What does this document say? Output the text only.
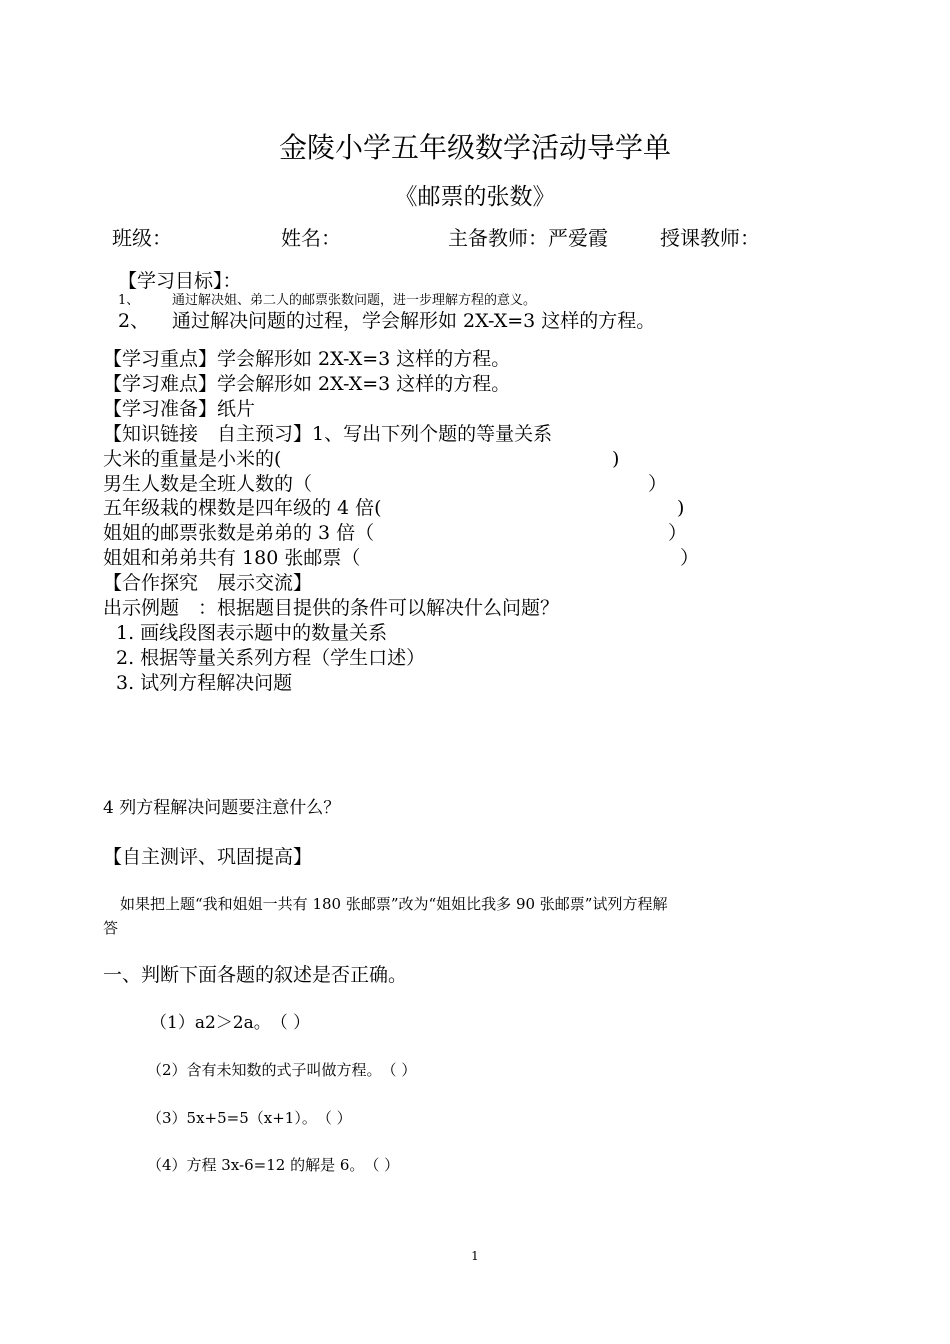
金陵小学五年级数学活动导学单
《邮票的张数》
班级：	姓名：	主备教师：严爱霞	授课教师：
【学习目标】：
1、	通过解决姐、弟二人的邮票张数问题，进一步理解方程的意义。
2、 通过解决问题的过程，学会解形如 2X-X=3 这样的方程。
【学习重点】学会解形如 2X-X=3 这样的方程。
【学习难点】学会解形如 2X-X=3 这样的方程。
【学习准备】纸片
【知识链接　自主预习】1、写出下列个题的等量关系
大米的重量是小米的(	)
男生人数是全班人数的（	）
五年级栽的棵数是四年级的 4 倍(	)
姐姐的邮票张数是弟弟的 3 倍（	）
姐姐和弟弟共有 180 张邮票（	）
【合作探究　展示交流】
出示例题　：根据题目提供的条件可以解决什么问题？
1. 画线段图表示题中的数量关系
2. 根据等量关系列方程（学生口述）
3. 试列方程解决问题
4 列方程解决问题要注意什么？
【自主测评、巩固提高】
如果把上题“我和姐姐一共有 180 张邮票”改为“姐姐比我多 90 张邮票”试列方程解
答
一、判断下面各题的叙述是否正确。
（1）a2＞2a。　（ ）
（2）含有未知数的式子叫做方程。　（ ）
（3）5x+5=5（x+1）。　（ ）
（4）方程 3x-6=12 的解是 6。　（ ）
1
